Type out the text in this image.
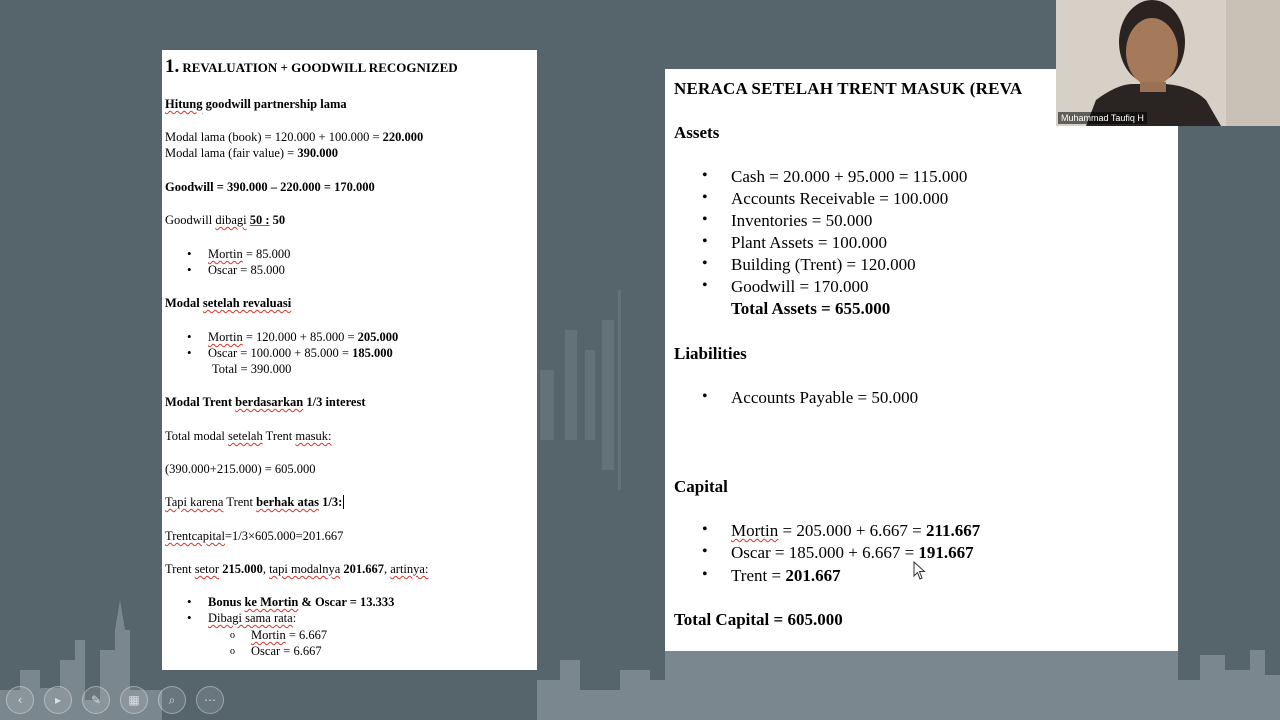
1. REVALUATION + GOODWILL RECOGNIZED
Hitung goodwill partnership lama
Modal lama (book) = 120.000 + 100.000 = 220.000
Modal lama (fair value) = 390.000
Goodwill = 390.000 – 220.000 = 170.000
Goodwill dibagi 50 : 50
• Mortin = 85.000
• Oscar = 85.000
Modal setelah revaluasi
• Mortin = 120.000 + 85.000 = 205.000
• Oscar = 100.000 + 85.000 = 185.000
Total = 390.000
Modal Trent berdasarkan 1/3 interest
Total modal setelah Trent masuk:
(390.000+215.000) = 605.000
Tapi karena Trent berhak atas 1/3:
Trentcapital=1/3×605.000=201.667
Trent setor 215.000, tapi modalnya 201.667, artinya:
• Bonus ke Mortin & Oscar = 13.333
• Dibagi sama rata:
o Mortin = 6.667
o Oscar = 6.667
NERACA SETELAH TRENT MASUK (REVA
Assets
• Cash = 20.000 + 95.000 = 115.000
• Accounts Receivable = 100.000
• Inventories = 50.000
• Plant Assets = 100.000
• Building (Trent) = 120.000
• Goodwill = 170.000
Total Assets = 655.000
Liabilities
• Accounts Payable = 50.000
Capital
• Mortin = 205.000 + 6.667 = 211.667
• Oscar = 185.000 + 6.667 = 191.667
• Trent = 201.667
Total Capital = 605.000
Muhammad Taufiq H
‹	▸	✎	▦	⌕	⋯
